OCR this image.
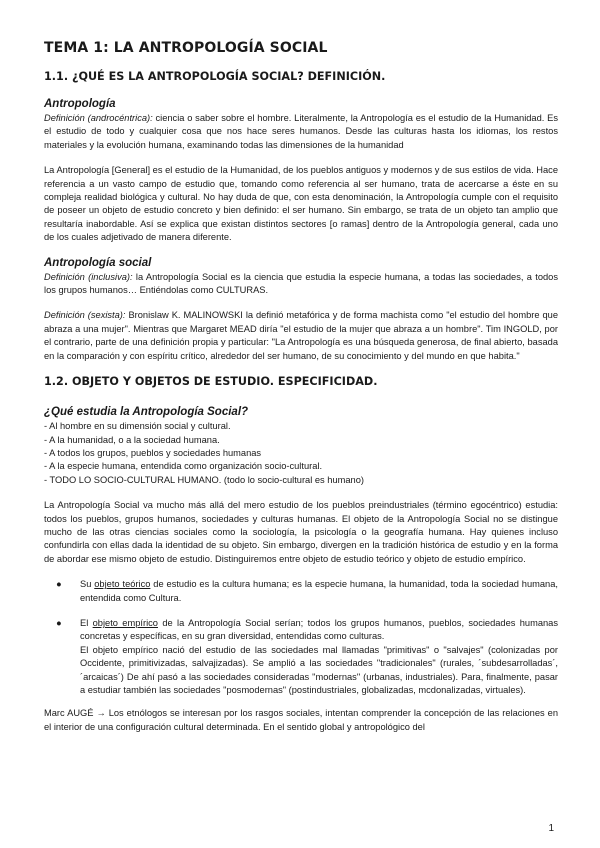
TEMA 1: LA ANTROPOLOGÍA SOCIAL
1.1. ¿QUÉ ES LA ANTROPOLOGÍA SOCIAL? DEFINICIÓN.
Antropología

Definición (androcéntrica): ciencia o saber sobre el hombre. Literalmente, la Antropología es el estudio de la Humanidad. Es el estudio de todo y cualquier cosa que nos hace seres humanos. Desde las culturas hasta los idiomas, los restos materiales y la evolución humana, examinando todas las dimensiones de la humanidad

La Antropología [General] es el estudio de la Humanidad, de los pueblos antiguos y modernos y de sus estilos de vida. Hace referencia a un vasto campo de estudio que, tomando como referencia al ser humano, trata de acercarse a éste en su compleja realidad biológica y cultural. No hay duda de que, con esta denominación, la Antropología cumple con el requisito de poseer un objeto de estudio concreto y bien definido: el ser humano. Sin embargo, se trata de un objeto tan amplio que resultaría inabordable. Así se explica que existan distintos sectores [o ramas] dentro de la Antropología general, cada uno de los cuales adjetivado de manera diferente.

Antropología social

Definición (inclusiva): la Antropología Social es la ciencia que estudia la especie humana, a todas las sociedades, a todos los grupos humanos… Entiéndolas como CULTURAS.

Definición (sexista): Bronislaw K. MALINOWSKI la definió metafórica y de forma machista como "el estudio del hombre que abraza a una mujer". Mientras que Margaret MEAD diría "el estudio de la mujer que abraza a un hombre". Tim INGOLD, por el contrario, parte de una definición propia y particular: "La Antropología es una búsqueda generosa, de final abierto, basada en la comparación y con espíritu crítico, alrededor del ser humano, de su conocimiento y del mundo en que habita."

1.2. OBJETO Y OBJETOS DE ESTUDIO. ESPECIFICIDAD.
¿Qué estudia la Antropología Social?
- Al hombre en su dimensión social y cultural.
- A la humanidad, o a la sociedad humana.
- A todos los grupos, pueblos y sociedades humanas
- A la especie humana, entendida como organización socio-cultural.
- TODO LO SOCIO-CULTURAL HUMANO. (todo lo socio-cultural es humano)

La Antropología Social va mucho más allá del mero estudio de los pueblos preindustriales (término egocéntrico) estudia: todos los pueblos, grupos humanos, sociedades y culturas humanas. El objeto de la Antropología Social no se distingue mucho de las otras ciencias sociales como la sociología, la psicología o la geografía humana. Hay quienes incluso confundirla con ellas dada la identidad de su objeto. Sin embargo, divergen en la tradición histórica de estudio y en la forma de abordar ese mismo objeto de estudio. Distinguiremos entre objeto de estudio teórico y objeto de estudio empírico.

● Su objeto teórico de estudio es la cultura humana; es la especie humana, la humanidad, toda la sociedad humana, entendida como Cultura.
● El objeto empírico de la Antropología Social serían; todos los grupos humanos, pueblos, sociedades humanas concretas y específicas, en su gran diversidad, entendidas como culturas.
El objeto empírico nació del estudio de las sociedades mal llamadas "primitivas" o "salvajes" (colonizadas por Occidente, primitivizadas, salvajizadas). Se amplió a las sociedades "tradicionales" (rurales, ´subdesarrolladas´, ´arcaicas´) De ahí pasó a las sociedades consideradas "modernas" (urbanas, industriales). Para, finalmente, pasar a estudiar también las sociedades "posmodernas" (postindustriales, globalizadas, mcdonalizadas, virtuales).

Marc AUGÉ → Los etnólogos se interesan por los rasgos sociales, intentan comprender la concepción de las relaciones en el interior de una configuración cultural determinada. En el sentido global y antropológico del

1
